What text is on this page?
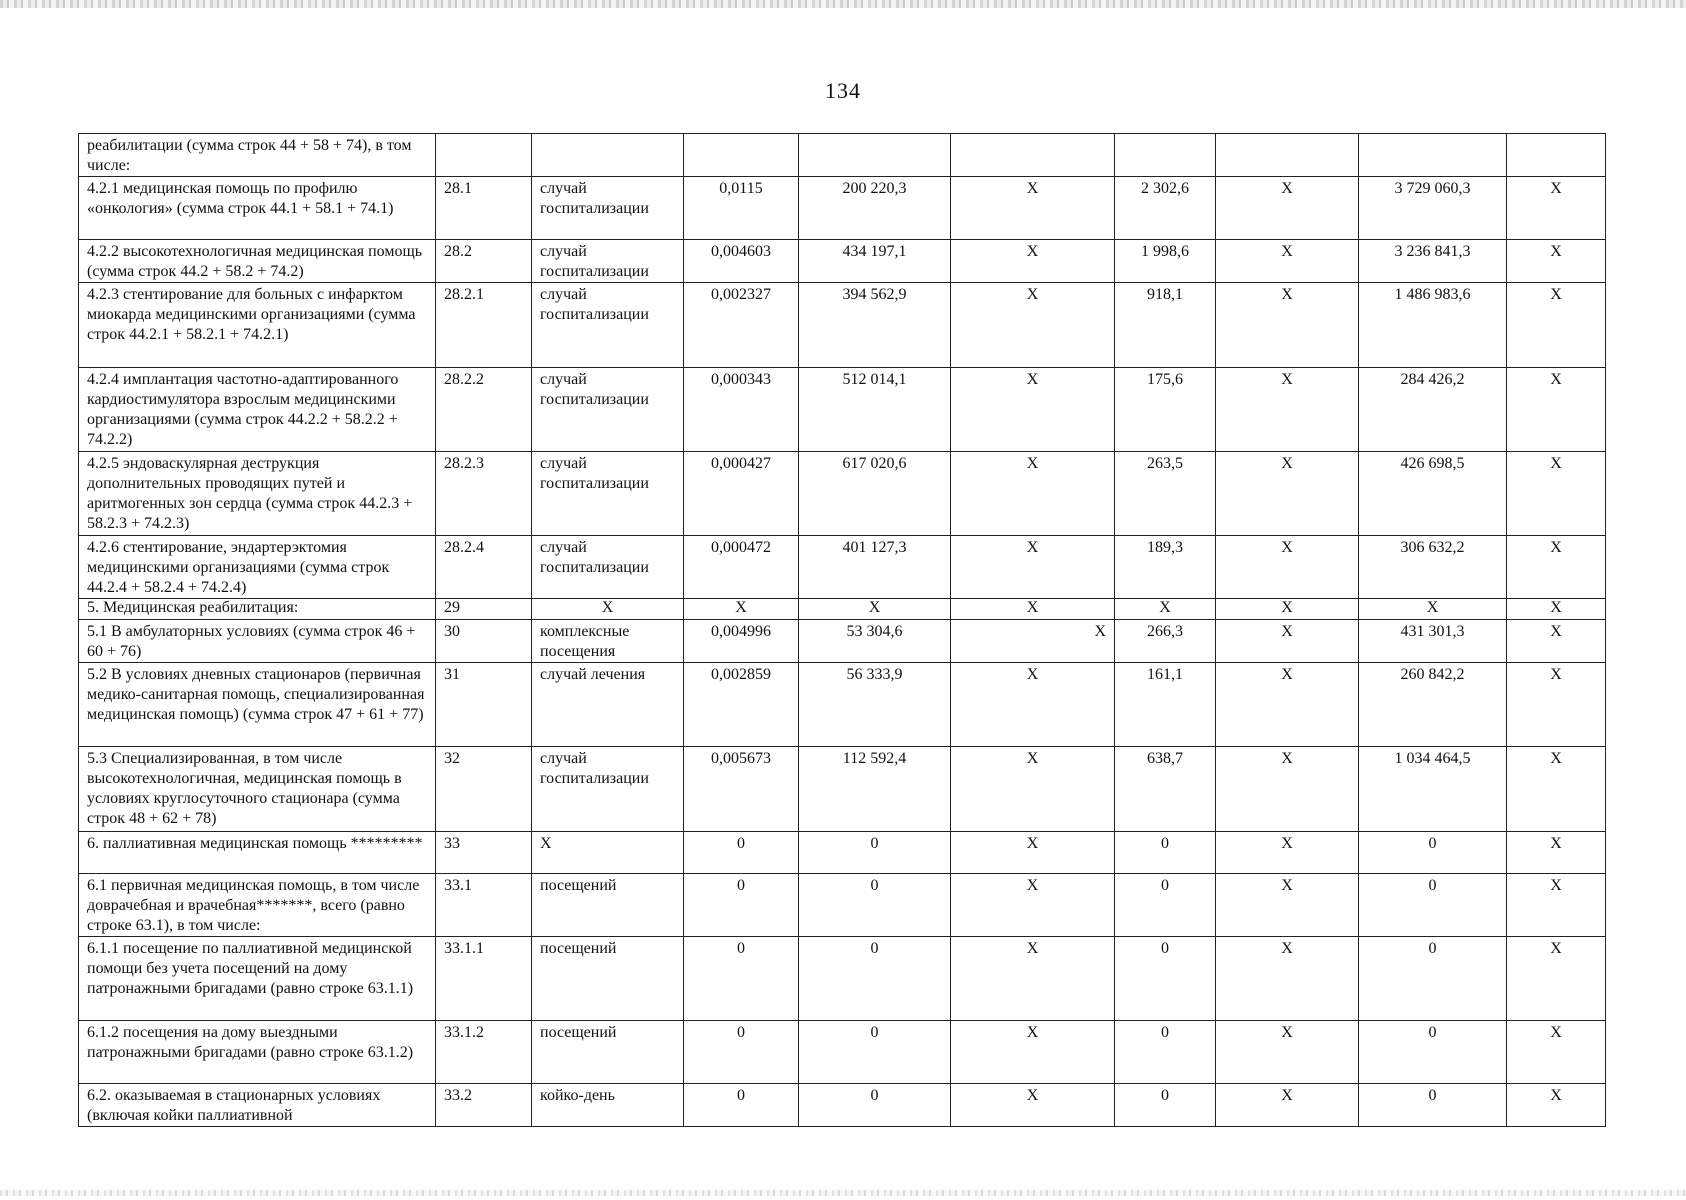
134
реабилитации (сумма строк 44 + 58 + 74), в том числе:									
4.2.1 медицинская помощь по профилю «онкология» (сумма строк 44.1 + 58.1 + 74.1)	28.1	случай госпитализации	0,0115	200 220,3	X	2 302,6	X	3 729 060,3	X
4.2.2 высокотехнологичная медицинская помощь (сумма строк 44.2 + 58.2 + 74.2)	28.2	случай госпитализации	0,004603	434 197,1	X	1 998,6	X	3 236 841,3	X
4.2.3 стентирование для больных с инфарктом миокарда медицинскими организациями (сумма строк 44.2.1 + 58.2.1 + 74.2.1)	28.2.1	случай госпитализации	0,002327	394 562,9	X	918,1	X	1 486 983,6	X
4.2.4 имплантация частотно-адаптированного кардиостимулятора взрослым медицинскими организациями (сумма строк 44.2.2 + 58.2.2 + 74.2.2)	28.2.2	случай госпитализации	0,000343	512 014,1	X	175,6	X	284 426,2	X
4.2.5 эндоваскулярная деструкция дополнительных проводящих путей и аритмогенных зон сердца (сумма строк 44.2.3 + 58.2.3 + 74.2.3)	28.2.3	случай госпитализации	0,000427	617 020,6	X	263,5	X	426 698,5	X
4.2.6 стентирование, эндартерэктомия медицинскими организациями (сумма строк 44.2.4 + 58.2.4 + 74.2.4)	28.2.4	случай госпитализации	0,000472	401 127,3	X	189,3	X	306 632,2	X
5. Медицинская реабилитация:	29	X	X	X	X	X	X	X	X
5.1 В амбулаторных условиях (сумма строк 46 + 60 + 76)	30	комплексные посещения	0,004996	53 304,6	X	266,3	X	431 301,3	X
5.2 В условиях дневных стационаров (первичная медико-санитарная помощь, специализированная медицинская помощь) (сумма строк 47 + 61 + 77)	31	случай лечения	0,002859	56 333,9	X	161,1	X	260 842,2	X
5.3 Специализированная, в том числе высокотехнологичная, медицинская помощь в условиях круглосуточного стационара (сумма строк 48 + 62 + 78)	32	случай госпитализации	0,005673	112 592,4	X	638,7	X	1 034 464,5	X
6. паллиативная медицинская помощь *********	33	X	0	0	X	0	X	0	X
6.1 первичная медицинская помощь, в том числе доврачебная и врачебная*******, всего (равно строке 63.1), в том числе:	33.1	посещений	0	0	X	0	X	0	X
6.1.1 посещение по паллиативной медицинской помощи без учета посещений на дому патронажными бригадами (равно строке 63.1.1)	33.1.1	посещений	0	0	X	0	X	0	X
6.1.2 посещения на дому выездными патронажными бригадами (равно строке 63.1.2)	33.1.2	посещений	0	0	X	0	X	0	X
6.2. оказываемая в стационарных условиях (включая койки паллиативной	33.2	койко-день	0	0	X	0	X	0	X
